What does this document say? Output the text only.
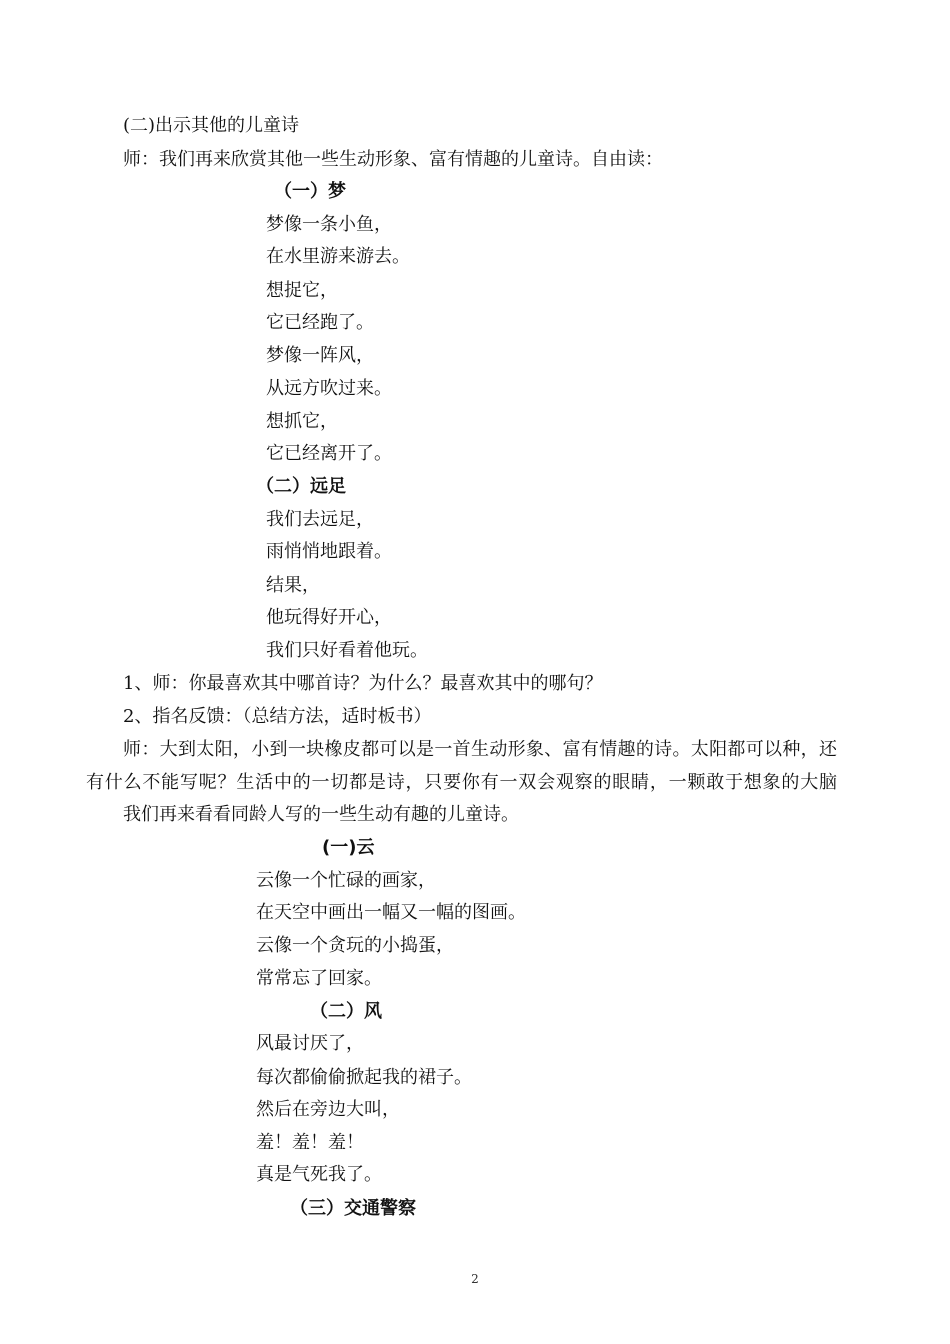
(二)出示其他的儿童诗
师：我们再来欣赏其他一些生动形象、富有情趣的儿童诗。自由读：
（一）梦
梦像一条小鱼，
在水里游来游去。
想捉它，
它已经跑了。
梦像一阵风，
从远方吹过来。
想抓它，
它已经离开了。
（二）远足
我们去远足，
雨悄悄地跟着。
结果，
他玩得好开心，
我们只好看着他玩。
1、师：你最喜欢其中哪首诗？为什么？最喜欢其中的哪句？
2、指名反馈：（总结方法，适时板书）
师：大到太阳，小到一块橡皮都可以是一首生动形象、富有情趣的诗。太阳都可以种，还
有什么不能写呢？生活中的一切都是诗，只要你有一双会观察的眼睛，一颗敢于想象的大脑
我们再来看看同龄人写的一些生动有趣的儿童诗。
(一)云
云像一个忙碌的画家，
在天空中画出一幅又一幅的图画。
云像一个贪玩的小捣蛋，
常常忘了回家。
（二）风
风最讨厌了，
每次都偷偷掀起我的裙子。
然后在旁边大叫，
羞！羞！羞！
真是气死我了。
（三）交通警察
2
